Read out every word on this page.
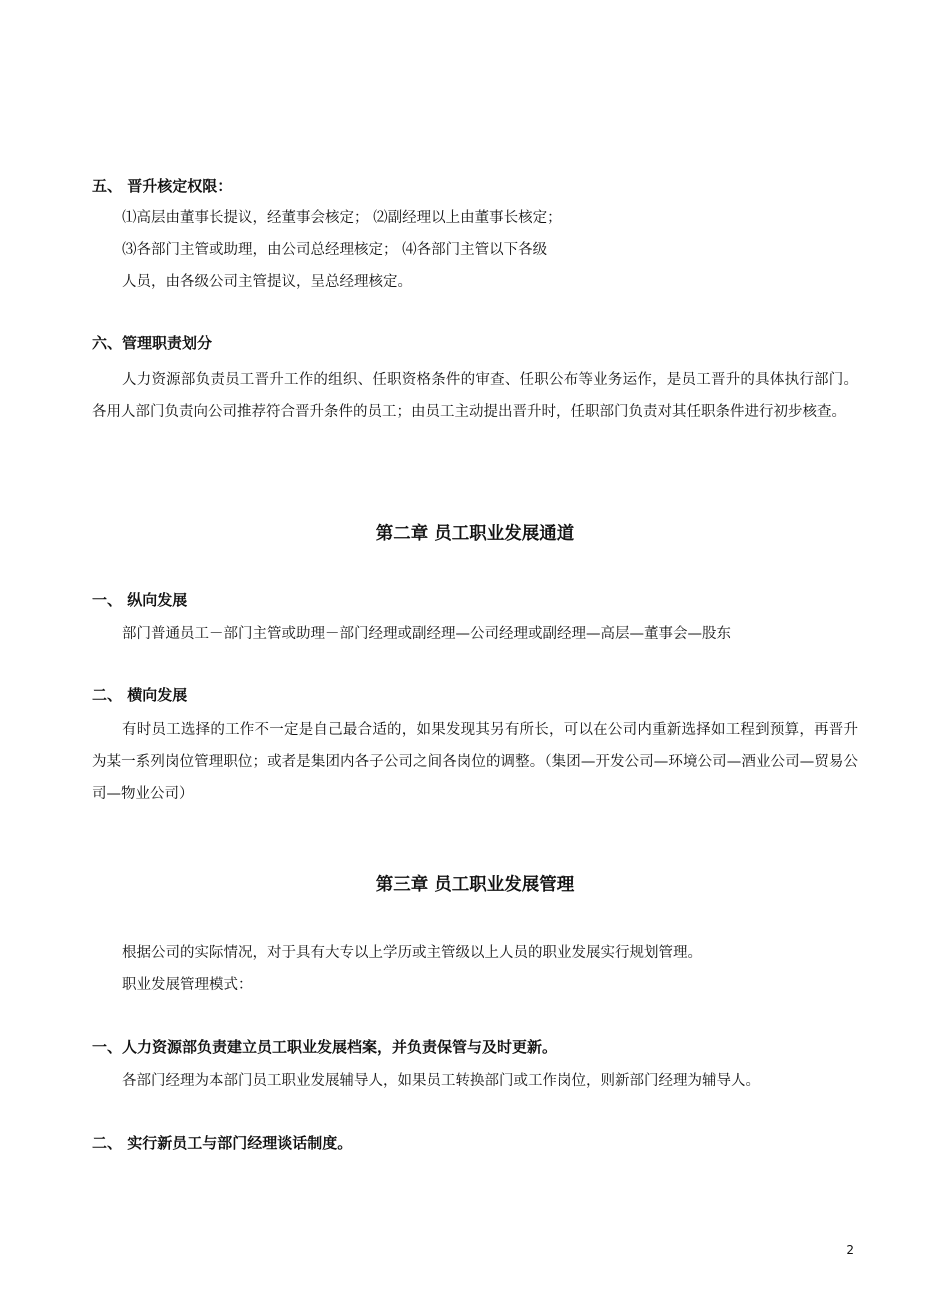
五、 晋升核定权限：
⑴高层由董事长提议，经董事会核定； ⑵副经理以上由董事长核定；
⑶各部门主管或助理，由公司总经理核定； ⑷各部门主管以下各级
人员，由各级公司主管提议，呈总经理核定。
六、管理职责划分
人力资源部负责员工晋升工作的组织、任职资格条件的审查、任职公布等业务运作，是员工晋升的具体执行部门。各用人部门负责向公司推荐符合晋升条件的员工；由员工主动提出晋升时，任职部门负责对其任职条件进行初步核查。
第二章 员工职业发展通道
一、 纵向发展
部门普通员工－部门主管或助理－部门经理或副经理—公司经理或副经理—高层—董事会—股东
二、 横向发展
有时员工选择的工作不一定是自己最合适的，如果发现其另有所长，可以在公司内重新选择如工程到预算，再晋升为某一系列岗位管理职位；或者是集团内各子公司之间各岗位的调整。（集团—开发公司—环境公司—酒业公司—贸易公司—物业公司）
第三章 员工职业发展管理
根据公司的实际情况，对于具有大专以上学历或主管级以上人员的职业发展实行规划管理。
职业发展管理模式：
一、人力资源部负责建立员工职业发展档案，并负责保管与及时更新。
各部门经理为本部门员工职业发展辅导人，如果员工转换部门或工作岗位，则新部门经理为辅导人。
二、 实行新员工与部门经理谈话制度。
2
